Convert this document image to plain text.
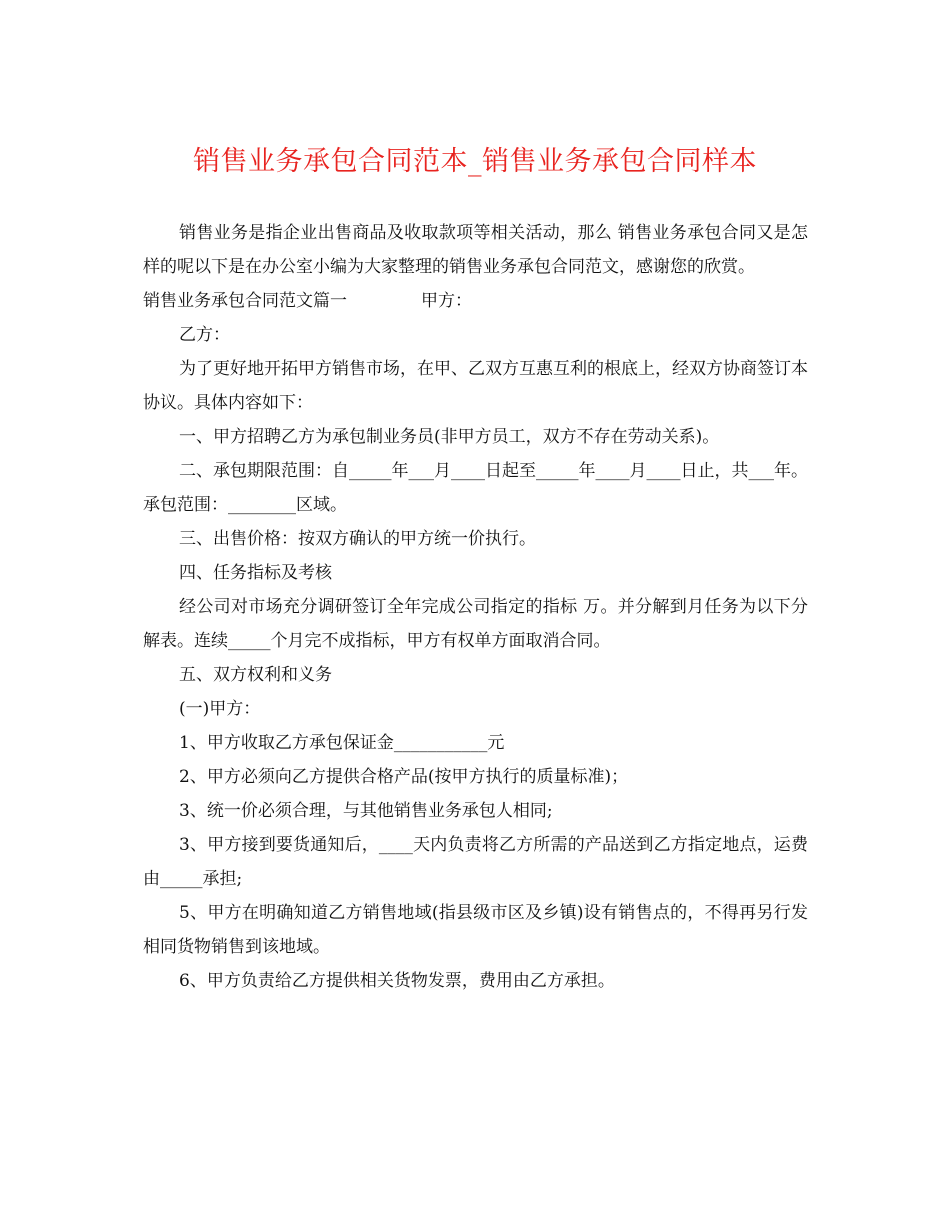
销售业务承包合同范本_销售业务承包合同样本

销售业务是指企业出售商品及收取款项等相关活动，那么 销售业务承包合同又是怎样的呢以下是在办公室小编为大家整理的销售业务承包合同范文，感谢您的欣赏。

销售业务承包合同范文篇一	甲方：

乙方：

为了更好地开拓甲方销售市场，在甲、乙双方互惠互利的根底上，经双方协商签订本协议。具体内容如下：

一、甲方招聘乙方为承包制业务员(非甲方员工，双方不存在劳动关系)。

二、承包期限范围：自_____年___月____日起至_____年____月____日止，共___年。承包范围：________区域。

三、出售价格：按双方确认的甲方统一价执行。

四、任务指标及考核

经公司对市场充分调研签订全年完成公司指定的指标 万。并分解到月任务为以下分解表。连续_____个月完不成指标，甲方有权单方面取消合同。

五、双方权利和义务

(一)甲方：

1、甲方收取乙方承包保证金___________元

2、甲方必须向乙方提供合格产品(按甲方执行的质量标准)；

3、统一价必须合理，与其他销售业务承包人相同;

3、甲方接到要货通知后，____天内负责将乙方所需的产品送到乙方指定地点，运费由_____承担;

5、甲方在明确知道乙方销售地域(指县级市区及乡镇)设有销售点的，不得再另行发相同货物销售到该地域。

6、甲方负责给乙方提供相关货物发票，费用由乙方承担。
